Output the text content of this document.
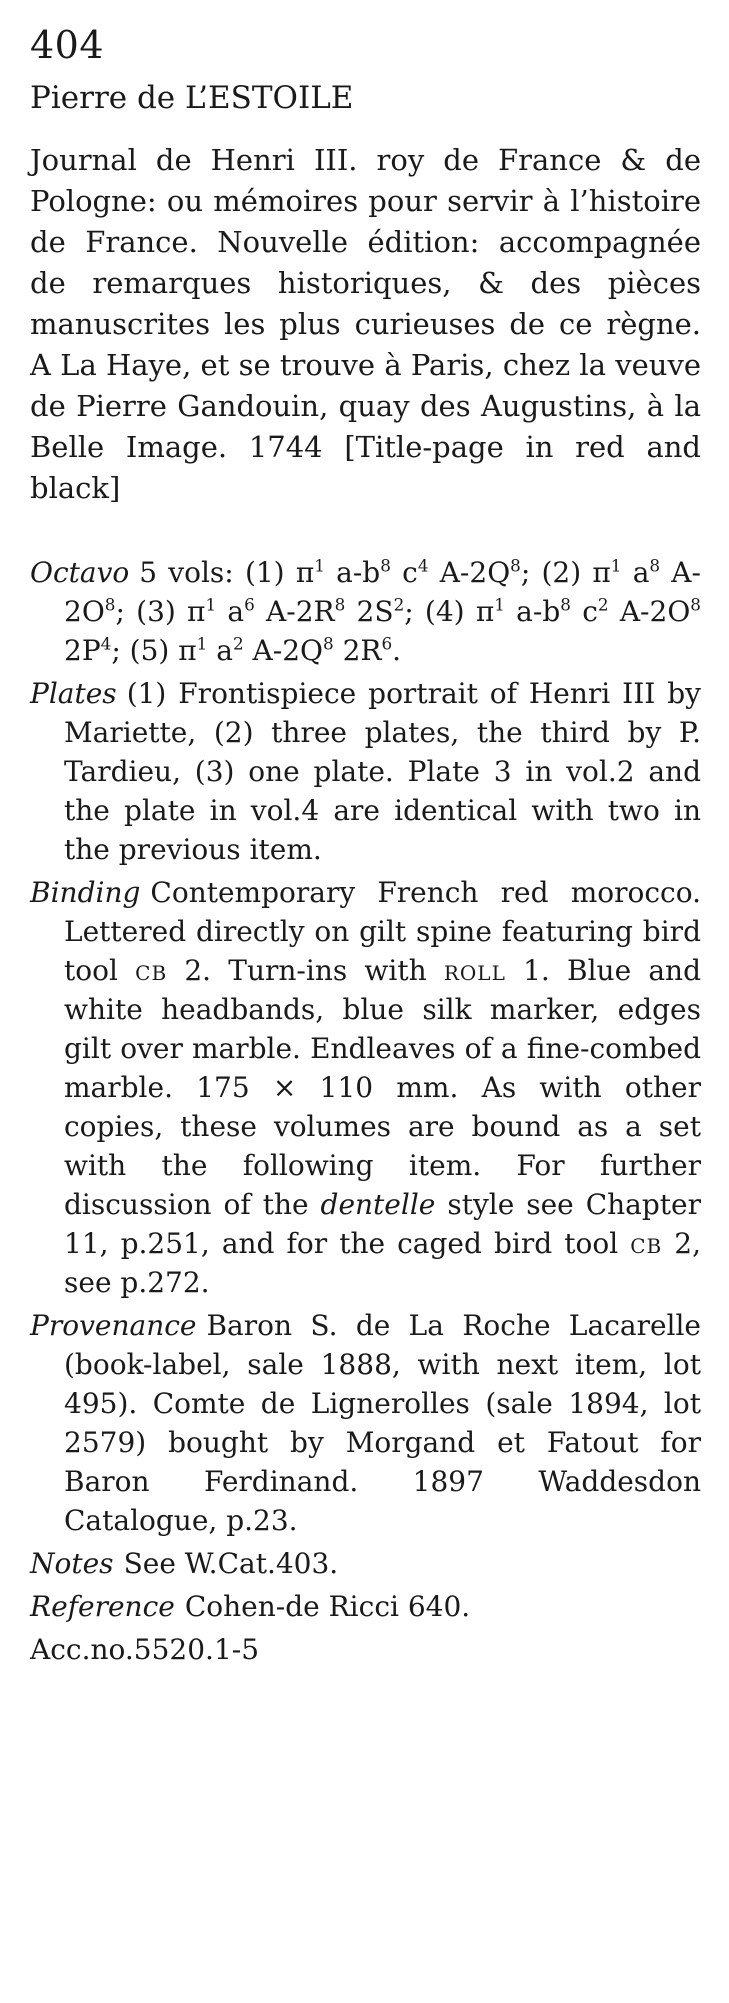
404
Pierre de L’ESTOILE

Journal de Henri III. roy de France & de Pologne: ou mémoires pour servir à l’histoire de France. Nouvelle édition: accompagnée de remarques historiques, & des pièces manuscrites les plus curieuses de ce règne. A La Haye, et se trouve à Paris, chez la veuve de Pierre Gandouin, quay des Augustins, à la Belle Image. 1744 [Title-page in red and black]

Octavo 5 vols: (1) $\pi^1$ $a-b^8$ $c^4$ $A-2Q^8$; (2) $\pi^1$ $a^8$ $A-2O^8$; (3) $\pi^1$ $a^6$ $A-2R^8$ $2S^2$; (4) $\pi^1$ $a-b^8$ $c^2$ $A-2O^8$ $2P^4$; (5) $\pi^1$ $a^2$ $A-2Q^8$ $2R^6$.

Plates (1) Frontispiece portrait of Henri III by Mariette, (2) three plates, the third by P. Tardieu, (3) one plate. Plate 3 in vol.2 and the plate in vol.4 are identical with two in the previous item.

Binding Contemporary French red morocco. Lettered directly on gilt spine featuring bird tool cb 2. Turn-ins with roll 1. Blue and white headbands, blue silk marker, edges gilt over marble. Endleaves of a fine-combed marble. 175 × 110 mm. As with other copies, these volumes are bound as a set with the following item. For further discussion of the dentelle style see Chapter 11, p.251, and for the caged bird tool cb 2, see p.272.

Provenance Baron S. de La Roche Lacarelle (book-label, sale 1888, with next item, lot 495). Comte de Lignerolles (sale 1894, lot 2579) bought by Morgand et Fatout for Baron Ferdinand. 1897 Waddesdon Catalogue, p.23.

Notes See W.Cat.403.

Reference Cohen-de Ricci 640.

Acc.no.5520.1-5
